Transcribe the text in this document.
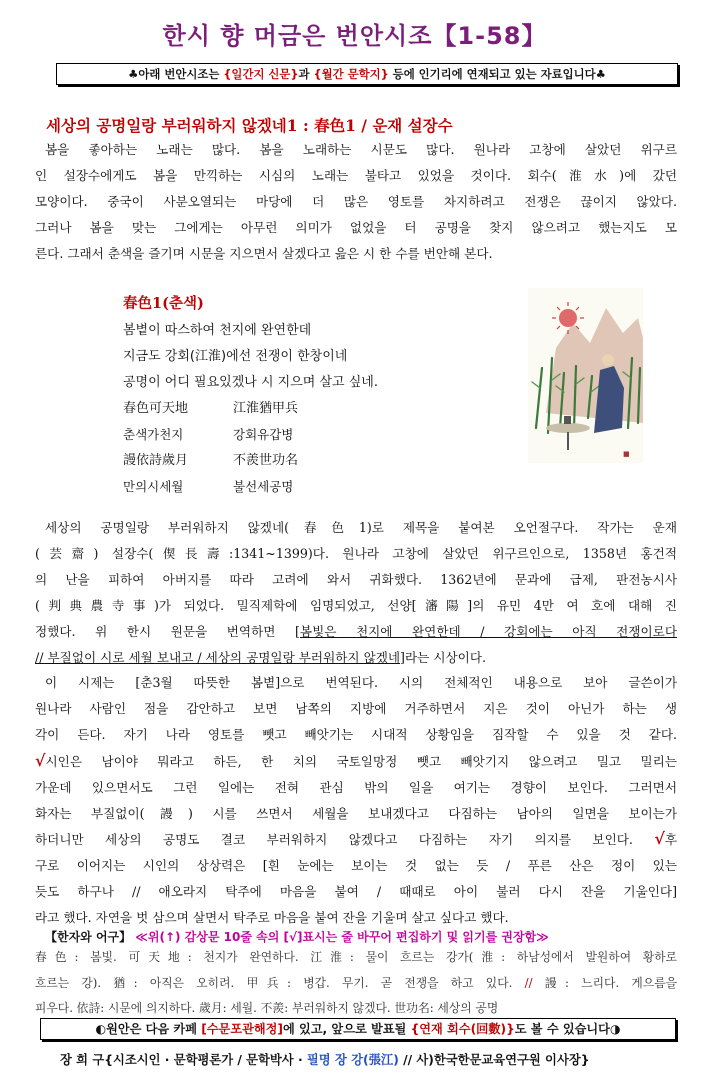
한시 향 머금은 번안시조【1-58】
♣아래 번안시조는 {일간지 신문}과 {월간 문학지} 등에 인기리에 연재되고 있는 자료입니다♣
세상의 공명일랑 부러워하지 않겠네1 : 春色1 / 운재 설장수
봄을 좋아하는 노래는 많다. 봄을 노래하는 시문도 많다. 원나라 고창에 살았던 위구르
인 설장수에게도 봄을 만끽하는 시심의 노래는 불타고 있었을 것이다. 회수(淮水)에 갔던
모양이다. 중국이 사분오열되는 마당에 더 많은 영토를 차지하려고 전쟁은 끊이지 않았다.
그러나 봄을 맞는 그에게는 아무런 의미가 없었을 터 공명을 찾지 않으려고 했는지도 모
른다. 그래서 춘색을 즐기며 시문을 지으면서 살겠다고 읊은 시 한 수를 번안해 본다.
春色1(춘색)
봄볕이 따스하여 천지에 완연한데
지금도 강회(江淮)에선 전쟁이 한창이네
공명이 어디 필요있겠나 시 지으며 살고 싶네.
春色可天地	江淮猶甲兵
춘색가천지	강회유갑병
謾依詩歲月	不羨世功名
만의시세월	불선세공명
■
세상의 공명일랑 부러워하지 않겠네(春色1)로 제목을 붙여본 오언절구다. 작가는 운재
(芸齋) 설장수(偰長壽:1341~1399)다. 원나라 고창에 살았던 위구르인으로, 1358년 홍건적
의 난을 피하여 아버지를 따라 고려에 와서 귀화했다. 1362년에 문과에 급제, 판전농시사
(判典農寺事)가 되었다. 밀직제학에 임명되었고, 선양[瀋陽]의 유민 4만 여 호에 대해 진
정했다. 위 한시 원문을 번역하면 [봄빛은 천지에 완연한데 / 강회에는 아직 전쟁이로다
// 부질없이 시로 세월 보내고 / 세상의 공명일랑 부러워하지 않겠네]라는 시상이다.
이 시제는 [춘3월 따뜻한 봄볕]으로 번역된다. 시의 전체적인 내용으로 보아 글쓴이가
원나라 사람인 점을 감안하고 보면 남쪽의 지방에 거주하면서 지은 것이 아닌가 하는 생
각이 든다. 자기 나라 영토를 뺏고 빼앗기는 시대적 상황임을 짐작할 수 있을 것 같다.
√시인은 남이야 뭐라고 하든, 한 치의 국토일망정 뺏고 빼앗기지 않으려고 밀고 밀리는
가운데 있으면서도 그런 일에는 전혀 관심 밖의 일을 여기는 경향이 보인다. 그러면서
화자는 부질없이(謾) 시를 쓰면서 세월을 보내겠다고 다짐하는 남아의 일면을 보이는가
하더니만 세상의 공명도 결코 부러워하지 않겠다고 다짐하는 자기 의지를 보인다. √후
구로 이어지는 시인의 상상력은 [흰 눈에는 보이는 것 없는 듯 / 푸른 산은 정이 있는
듯도 하구나 // 애오라지 탁주에 마음을 붙여 / 때때로 아이 불러 다시 잔을 기울인다]
라고 했다. 자연을 벗 삼으며 살면서 탁주로 마음을 붙여 잔을 기울며 살고 싶다고 했다.
【한자와 어구】 ≪위(↑) 감상문 10줄 속의 [√]표시는 줄 바꾸어 편집하기 및 읽기를 권장함≫
春色: 봄빛. 可天地: 천지가 완연하다. 江淮: 물이 흐르는 강가(淮: 하남성에서 발원하여 황하로
흐르는 강). 猶: 아직은 오히려. 甲兵: 병갑. 무기. 곧 전쟁을 하고 있다. // 謾: 느리다. 게으름을
피우다. 依詩: 시문에 의지하다. 歲月: 세월. 不羨: 부러워하지 않겠다. 世功名: 세상의 공명
◐원안은 다음 카페 [수문포관해정]에 있고, 앞으로 발표될 {연재 회수(回數)}도 볼 수 있습니다◑
장 희 구{시조시인 · 문학평론가 / 문학박사 · 필명 장 강(張江) // 사)한국한문교육연구원 이사장}
